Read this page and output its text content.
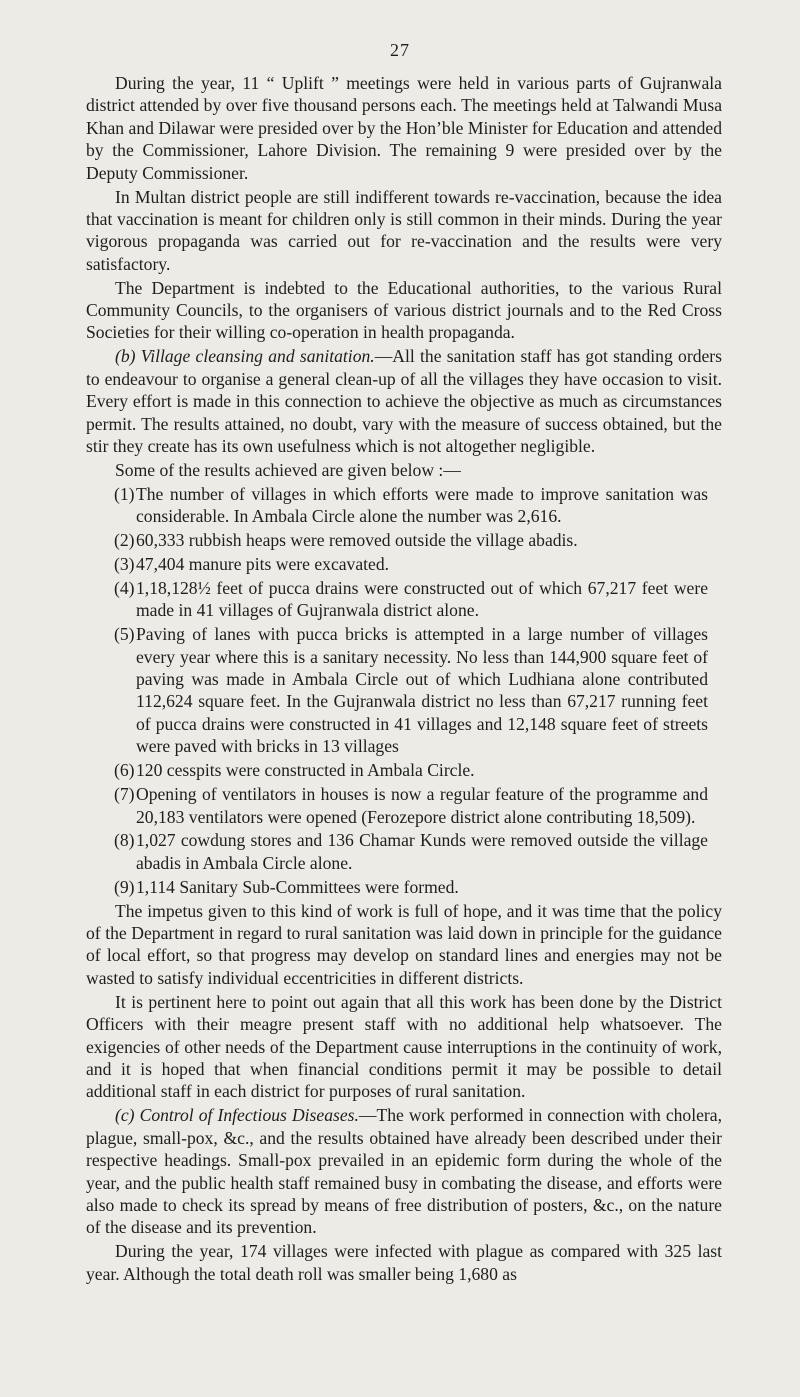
27

During the year, 11 “ Uplift ” meetings were held in various parts of Gujranwala district attended by over five thousand persons each. The meetings held at Talwandi Musa Khan and Dilawar were presided over by the Hon’ble Minister for Education and attended by the Commissioner, Lahore Division. The remaining 9 were presided over by the Deputy Commissioner.

In Multan district people are still indifferent towards re-vaccination, because the idea that vaccination is meant for children only is still common in their minds. During the year vigorous propaganda was carried out for re-vaccination and the results were very satisfactory.

The Department is indebted to the Educational authorities, to the various Rural Community Councils, to the organisers of various district journals and to the Red Cross Societies for their willing co-operation in health propaganda.

(b) Village cleansing and sanitation.—All the sanitation staff has got standing orders to endeavour to organise a general clean-up of all the villages they have occasion to visit. Every effort is made in this connection to achieve the objective as much as circumstances permit. The results attained, no doubt, vary with the measure of success obtained, but the stir they create has its own usefulness which is not altogether negligible.

Some of the results achieved are given below :—

(1) The number of villages in which efforts were made to improve sanitation was considerable. In Ambala Circle alone the number was 2,616.
(2) 60,333 rubbish heaps were removed outside the village abadis.
(3) 47,404 manure pits were excavated.
(4) 1,18,128½ feet of pucca drains were constructed out of which 67,217 feet were made in 41 villages of Gujranwala district alone.
(5) Paving of lanes with pucca bricks is attempted in a large number of villages every year where this is a sanitary necessity. No less than 144,900 square feet of paving was made in Ambala Circle out of which Ludhiana alone contributed 112,624 square feet. In the Gujranwala district no less than 67,217 running feet of pucca drains were constructed in 41 villages and 12,148 square feet of streets were paved with bricks in 13 villages
(6) 120 cesspits were constructed in Ambala Circle.
(7) Opening of ventilators in houses is now a regular feature of the programme and 20,183 ventilators were opened (Ferozepore district alone contributing 18,509).
(8) 1,027 cowdung stores and 136 Chamar Kunds were removed outside the village abadis in Ambala Circle alone.
(9) 1,114 Sanitary Sub-Committees were formed.

The impetus given to this kind of work is full of hope, and it was time that the policy of the Department in regard to rural sanitation was laid down in principle for the guidance of local effort, so that progress may develop on standard lines and energies may not be wasted to satisfy individual eccentricities in different districts.

It is pertinent here to point out again that all this work has been done by the District Officers with their meagre present staff with no additional help whatsoever. The exigencies of other needs of the Department cause interruptions in the continuity of work, and it is hoped that when financial conditions permit it may be possible to detail additional staff in each district for purposes of rural sanitation.

(c) Control of Infectious Diseases.—The work performed in connection with cholera, plague, small-pox, &c., and the results obtained have already been described under their respective headings. Small-pox prevailed in an epidemic form during the whole of the year, and the public health staff remained busy in combating the disease, and efforts were also made to check its spread by means of free distribution of posters, &c., on the nature of the disease and its prevention.

During the year, 174 villages were infected with plague as compared with 325 last year. Although the total death roll was smaller being 1,680 as
